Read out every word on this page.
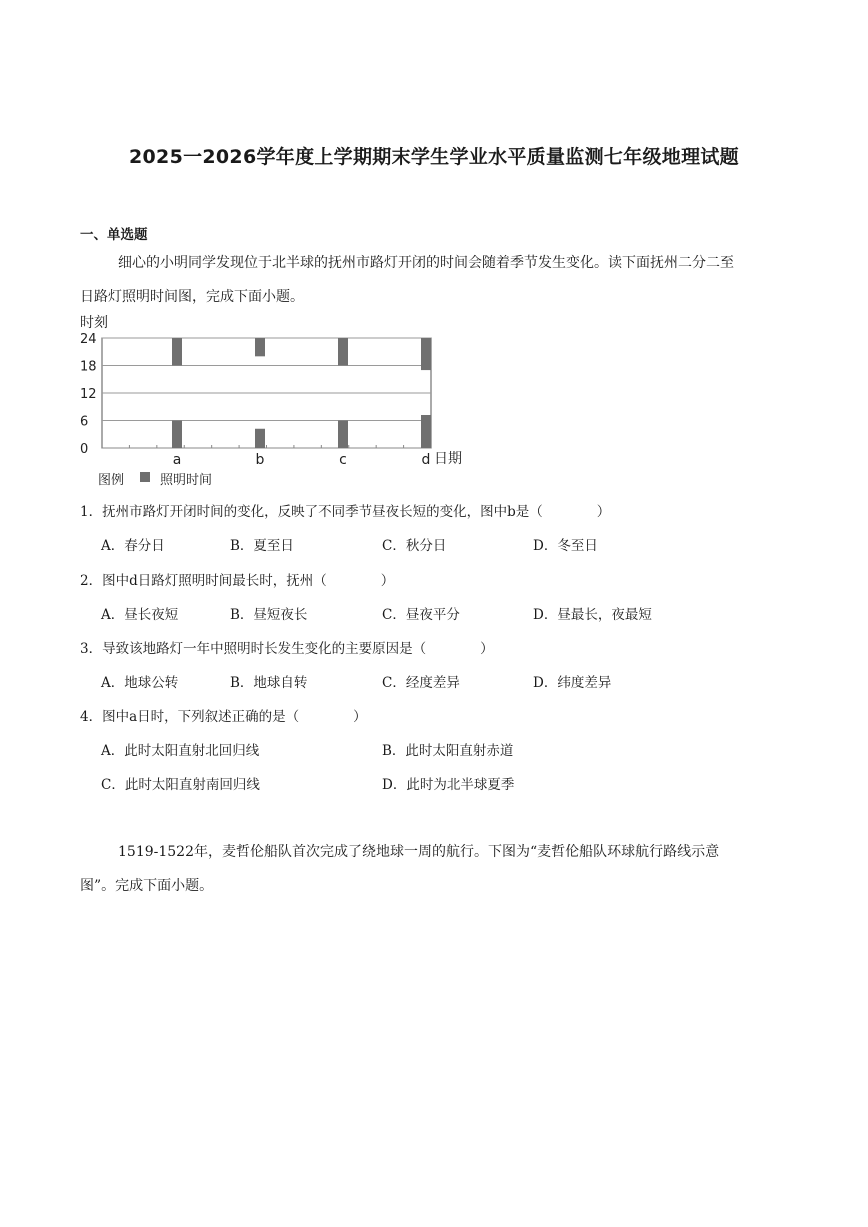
2025一2026学年度上学期期末学生学业水平质量监测七年级地理试题
一、单选题
细心的小明同学发现位于北半球的抚州市路灯开闭的时间会随着季节发生变化。读下面抚州二分二至
日路灯照明时间图，完成下面小题。
时刻
24
18
12
6
0
a	b	c	d 日期
图例	照明时间
1．抚州市路灯开闭时间的变化，反映了不同季节昼夜长短的变化，图中b是（　　　　）
A．春分日	B．夏至日	C．秋分日	D．冬至日
2．图中d日路灯照明时间最长时，抚州（　　　　）
A．昼长夜短	B．昼短夜长	C．昼夜平分	D．昼最长，夜最短
3．导致该地路灯一年中照明时长发生变化的主要原因是（　　　　）
A．地球公转	B．地球自转	C．经度差异	D．纬度差异
4．图中a日时，下列叙述正确的是（　　　　）
A．此时太阳直射北回归线	B．此时太阳直射赤道
C．此时太阳直射南回归线	D．此时为北半球夏季
1519-1522年，麦哲伦船队首次完成了绕地球一周的航行。下图为“麦哲伦船队环球航行路线示意
图”。完成下面小题。
